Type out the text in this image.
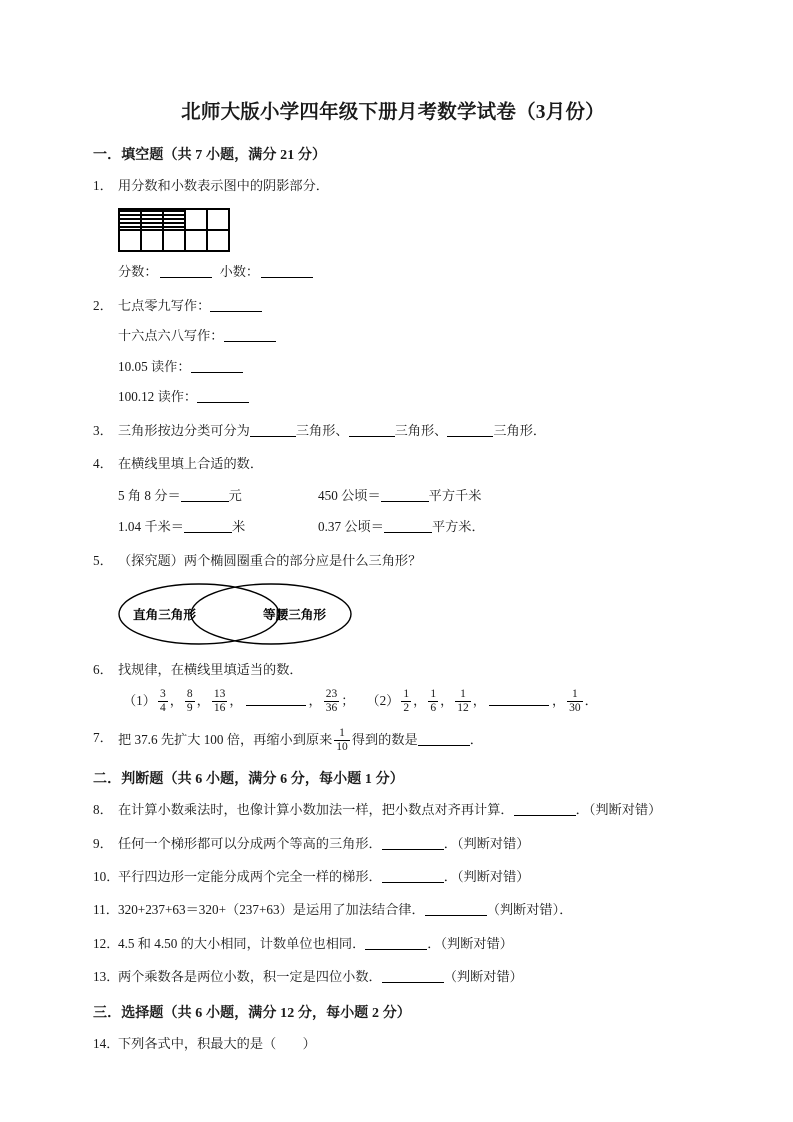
北师大版小学四年级下册月考数学试卷（3月份）
一．填空题（共 7 小题，满分 21 分）
1． 用分数和小数表示图中的阴影部分．
分数：	小数：
2． 七点零九写作：
十六点六八写作：
10.05 读作：
100.12 读作：
3． 三角形按边分类可分为	三角形、	三角形、	三角形．
4． 在横线里填上合适的数．
5 角 8 分＝	元	450 公顷＝	平方千米
1.04 千米＝	米	0.37 公顷＝	平方米．
5． （探究题）两个椭圆圈重合的部分应是什么三角形？
直角三角形	等腰三角形
6． 找规律，在横线里填适当的数．
$(1) \frac{3}{4}$ ， $\frac{8}{9}$ ， $\frac{13}{16}$ ，	， $\frac{23}{36}$ ； $(2) \frac{1}{2}$ ， $\frac{1}{6}$ ， $\frac{1}{12}$ ，	， $\frac{1}{30}$ ．
7． 把 37.6 先扩大 100 倍，再缩小到原来 $\frac{1}{10}$ 得到的数是	．
二．判断题（共 6 小题，满分 6 分，每小题 1 分）
8． 在计算小数乘法时，也像计算小数加法一样，把小数点对齐再计算．	．（判断对错）
9． 任何一个梯形都可以分成两个等高的三角形．	．（判断对错）
10．
平行四边形一定能分成两个完全一样的梯形．	．（判断对错）
11． 320+237+63＝320+（237+63）是运用了加法结合律．	（判断对错）．
12．
4.5 和 4.50 的大小相同，计数单位也相同．	．（判断对错）
13．
两个乘数各是两位小数，积一定是四位小数．	（判断对错）
三．选择题（共 6 小题，满分 12 分，每小题 2 分）
14．
下列各式中，积最大的是（　　）
